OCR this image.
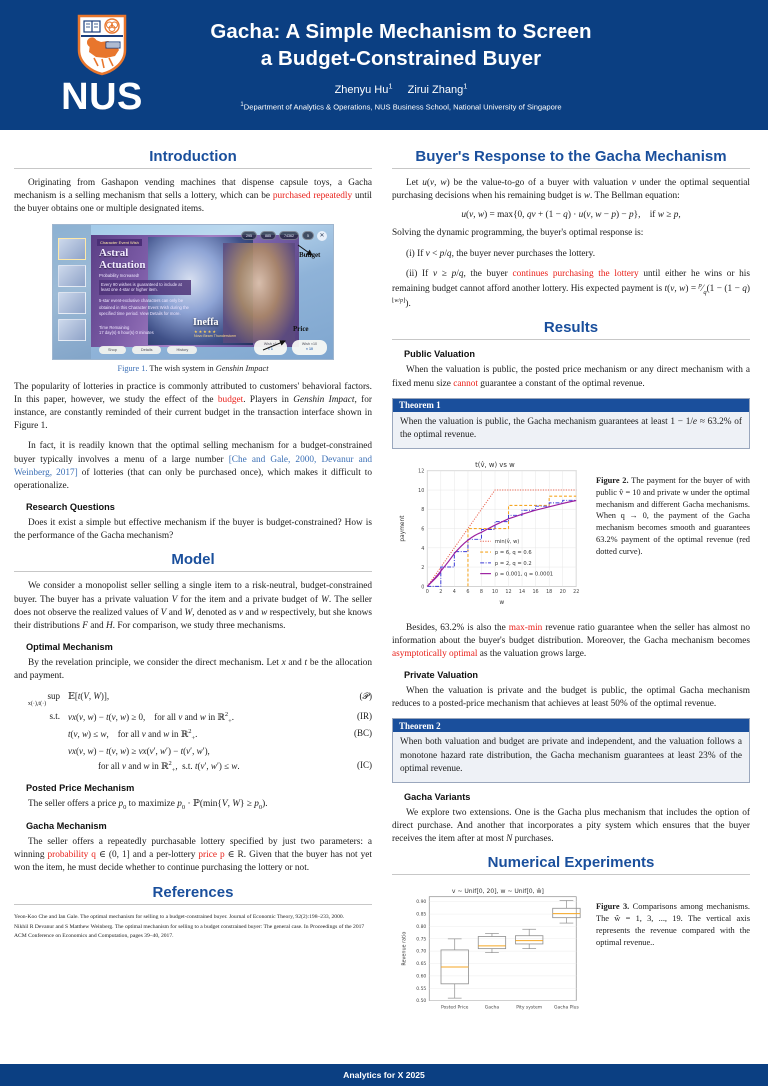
NUS
Gacha: A Simple Mechanism to Screen
a Budget-Constrained Buyer
Zhenyu Hu$^1$ Zirui Zhang$^1$
$^1$Department of Analytics & Operations, NUS Business School, National University of Singapore
Introduction

Originating from Gashapon vending machines that dispense capsule toys, a Gacha mechanism is a selling mechanism that sells a lottery, which can be purchased repeatedly until the buyer obtains one or multiple designated items.

Character Event Wish
Astral
Actuation
Probability Increased!
Every 90 wishes is guaranteed to include at least one 4-star or higher item.
5-star event-exclusive characters can only be obtained in this Character Event Wish during the specified time period. View Details for more.
Time Remaining
17 day(s) 6 hour(s) 0 minutes
Ineffa
★★★★★
Novo Beam Thunderstorm
295	885	74362	5	✕
Shop	Details	History
Wish ×1
× 1
Wish ×10
× 10
Budget
Price
Figure 1. The wish system in Genshin Impact

The popularity of lotteries in practice is commonly attributed to customers' behavioral factors. In this paper, however, we study the effect of the budget. Players in Genshin Impact, for instance, are constantly reminded of their current budget in the transaction interface shown in Figure 1.

In fact, it is readily known that the optimal selling mechanism for a budget-constrained buyer typically involves a menu of a large number [Che and Gale, 2000, Devanur and Weinberg, 2017] of lotteries (that can only be purchased once), which makes it difficult to operationalize.

Research Questions

Does it exist a simple but effective mechanism if the buyer is budget-constrained? How is the performance of the Gacha mechanism?

Model

We consider a monopolist seller selling a single item to a risk-neutral, budget-constrained buyer. The buyer has a private valuation V for the item and a private budget of W. The seller does not observe the realized values of V and W, denoted as v and w respectively, but she knows their distributions F and H. For comparison, we study three mechanisms.

Optimal Mechanism

By the revelation principle, we consider the direct mechanism. Let x and t be the allocation and payment.

sup
x(·),t(·)
𝔼[t(V, W)],	(𝒫)
s.t. vx(v, w) − t(v, w) ≥ 0,    for all v and w in ℝ$^2_+$.	(IR)
t(v, w) ≤ w,    for all v and w in ℝ$^2_+$.	(BC)
vx(v, w) − t(v, w) ≥ vx(v′, w′) − t(v′, w′),
for all v and w in ℝ$^2_+$,  s.t. t(v′, w′) ≤ w.	(IC)
Posted Price Mechanism

The seller offers a price $p_0$ to maximize $p_0$ · ℙ(min{V, $W\} \ge p_0$).

Gacha Mechanism

The seller offers a repeatedly purchasable lottery specified by just two parameters: a winning probability q ∈ (0, 1] and a per-lottery price p ∈ R. Given that the buyer has not yet won the item, he must decide whether to continue purchasing the lottery or not.

References
Yeon-Koo Che and Ian Gale. The optimal mechanism for selling to a budget-constrained buyer. Journal of Economic Theory, 92(2):198–233, 2000.
Nikhil R Devanur and S Matthew Weinberg. The optimal mechanism for selling to a budget constrained buyer: The general case. In Proceedings of the 2017 ACM Conference on Economics and Computation, pages 39–40, 2017.
Buyer's Response to the Gacha Mechanism

Let u(v, w) be the value-to-go of a buyer with valuation v under the optimal sequential purchasing decisions when his remaining budget is w. The Bellman equation:

u(v, w) = max{0, qv + (1 − q) · u(v, w − p) − p},    if w ≥ p,

Solving the dynamic programming, the buyer's optimal response is:

(i) If v < p/q, the buyer never purchases the lottery.

(ii) If v ≥ p/q, the buyer continues purchasing the lottery until either he wins or his remaining budget cannot afford another lottery. His expected payment is t(v, $w) = ^p⁄_q(1 - (1 - q)^{⌊w/p⌋})$.

Results
Public Valuation

When the valuation is public, the posted price mechanism or any direct mechanism with a fixed menu size cannot guarantee a constant of the optimal revenue.

Theorem 1
When the valuation is public, the Gacha mechanism guarantees at least 1 − 1/e ≈ 63.2% of the optimal revenue.
t(v̂, w) vs w
0
2
4
6
8
10
12
0 2 4 6 8 10 12 14 16 18 20 22
w
payment
min(v̂, w)
p = 6, q = 0.6
p = 2, q = 0.2
p = 0.001, q = 0.0001
Figure 2. The payment for the buyer of with public v̂ = 10 and private w under the optimal mechanism and different Gacha mechanisms. When q → 0, the payment of the Gacha mechanism becomes smooth and guarantees 63.2% payment of the optimal revenue (red dotted curve).

Besides, 63.2% is also the max-min revenue ratio guarantee when the seller has almost no information about the buyer's budget distribution. Moreover, the Gacha mechanism becomes asymptotically optimal as the valuation grows large.

Private Valuation

When the valuation is private and the budget is public, the optimal Gacha mechanism reduces to a posted-price mechanism that achieves at least 50% of the optimal revenue.

Theorem 2
When both valuation and budget are private and independent, and the valuation follows a monotone hazard rate distribution, the Gacha mechanism guarantees at least 23% of the optimal revenue.
Gacha Variants

We explore two extensions. One is the Gacha plus mechanism that includes the option of direct purchase. And another that incorporates a pity system which ensures that the buyer receives the item after at most N purchases.

Numerical Experiments
v ~ Unif[0, 20], w ~ Unif[0, ŵ]
0.50
0.55
0.60
0.65
0.70
0.75
0.80
0.85
0.90
Revenue ratio
Posted Price	Gacha	Pity system	Gacha Plus
Figure 3. Comparisons among mechanisms. The ŵ = 1, 3, ..., 19. The vertical axis represents the revenue compared with the optimal revenue..
Analytics for X 2025
